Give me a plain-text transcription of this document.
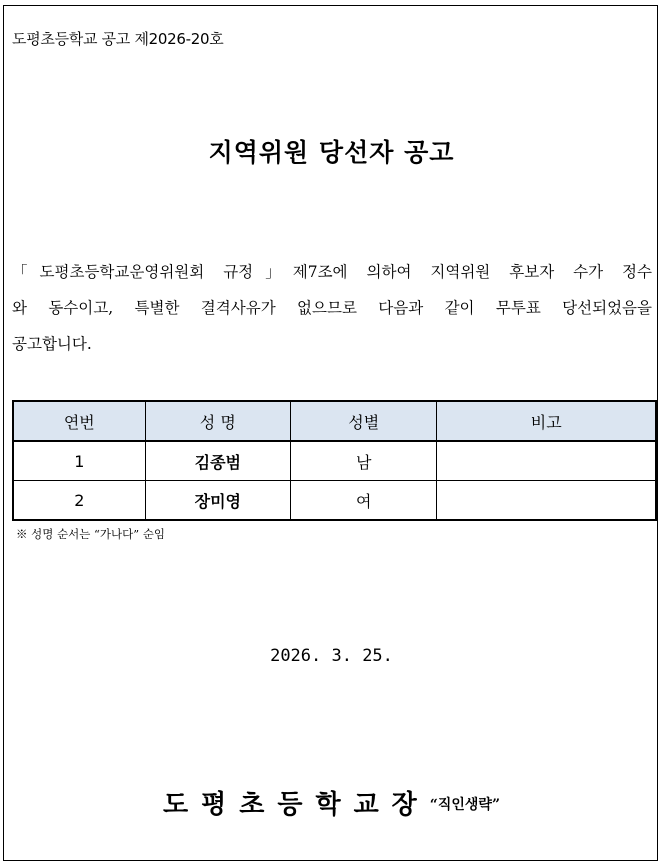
도평초등학교 공고 제2026-20호
지역위원 당선자 공고
「도평초등학교운영위원회 규정」제7조에 의하여 지역위원 후보자 수가 정수
와 동수이고, 특별한 결격사유가 없으므로 다음과 같이 무투표 당선되었음을
공고합니다.
연번	성 명	성별	비고
1	김종범	남	
2	장미영	여	
※ 성명 순서는 “가나다” 순임
2026. 3. 25.
도평초등학교장“직인생략”
